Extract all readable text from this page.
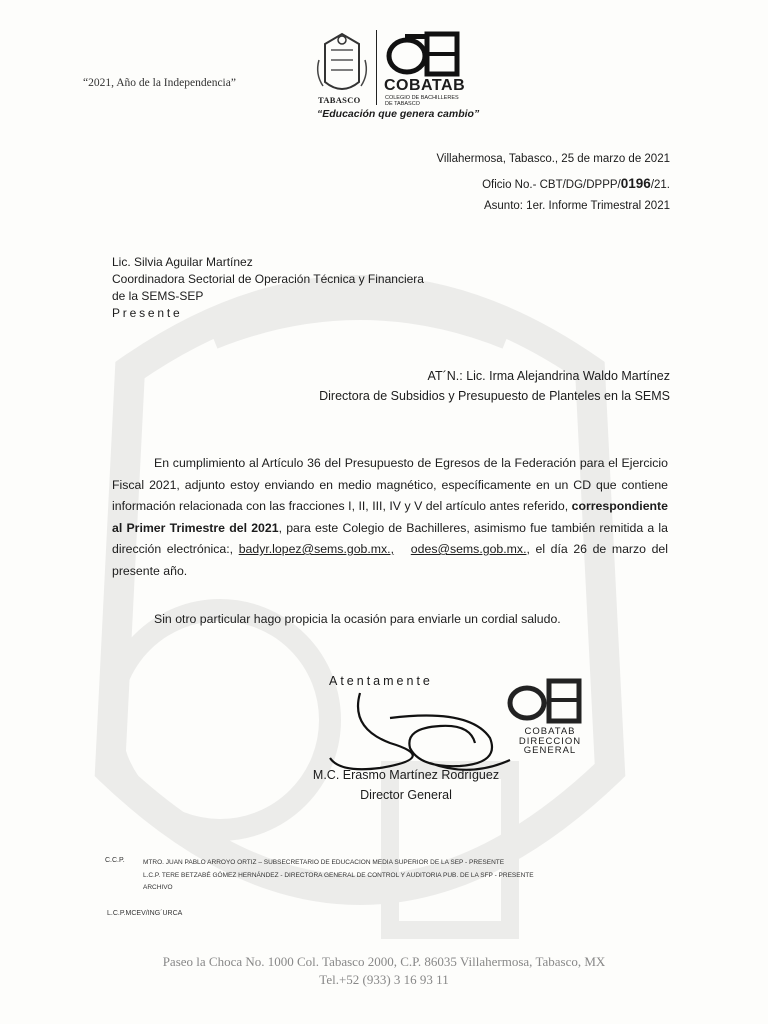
“2021, Año de la Independencia”
TABASCO
COBATAB
COLEGIO DE BACHILLERES DE TABASCO
“Educación que genera cambio”
Villahermosa, Tabasco., 25 de marzo de 2021
Oficio No.- CBT/DG/DPPP/0196/21.
Asunto: 1er. Informe Trimestral 2021
Lic. Silvia Aguilar Martínez
Coordinadora Sectorial de Operación Técnica y Financiera
de la SEMS-SEP
Presente
AT´N.: Lic. Irma Alejandrina Waldo Martínez
Directora de Subsidios y Presupuesto de Planteles en la SEMS
En cumplimiento al Artículo 36 del Presupuesto de Egresos de la Federación para el Ejercicio Fiscal 2021, adjunto estoy enviando en medio magnético, específicamente en un CD que contiene información relacionada con las fracciones I, II, III, IV y V del artículo antes referido, correspondiente al Primer Trimestre del 2021, para este Colegio de Bachilleres, asimismo fue también remitida a la dirección electrónica:, badyr.lopez@sems.gob.mx., odes@sems.gob.mx., el día 26 de marzo del presente año.
Sin otro particular hago propicia la ocasión para enviarle un cordial saludo.
Atentamente
COBATAB
DIRECCION
GENERAL
M.C. Erasmo Martínez Rodríguez
Director General
C.C.P.	MTRO. JUAN PABLO ARROYO ORTIZ – SUBSECRETARIO DE EDUCACION MEDIA SUPERIOR DE LA SEP - PRESENTE
L.C.P. TERE BETZABÉ GÓMEZ HERNÁNDEZ - DIRECTORA GENERAL DE CONTROL Y AUDITORIA PUB. DE LA SFP - PRESENTE
ARCHIVO
L.C.P.MCEV/ING´URCA
Paseo la Choca No. 1000 Col. Tabasco 2000, C.P. 86035 Villahermosa, Tabasco, MX
Tel.+52 (933) 3 16 93 11
